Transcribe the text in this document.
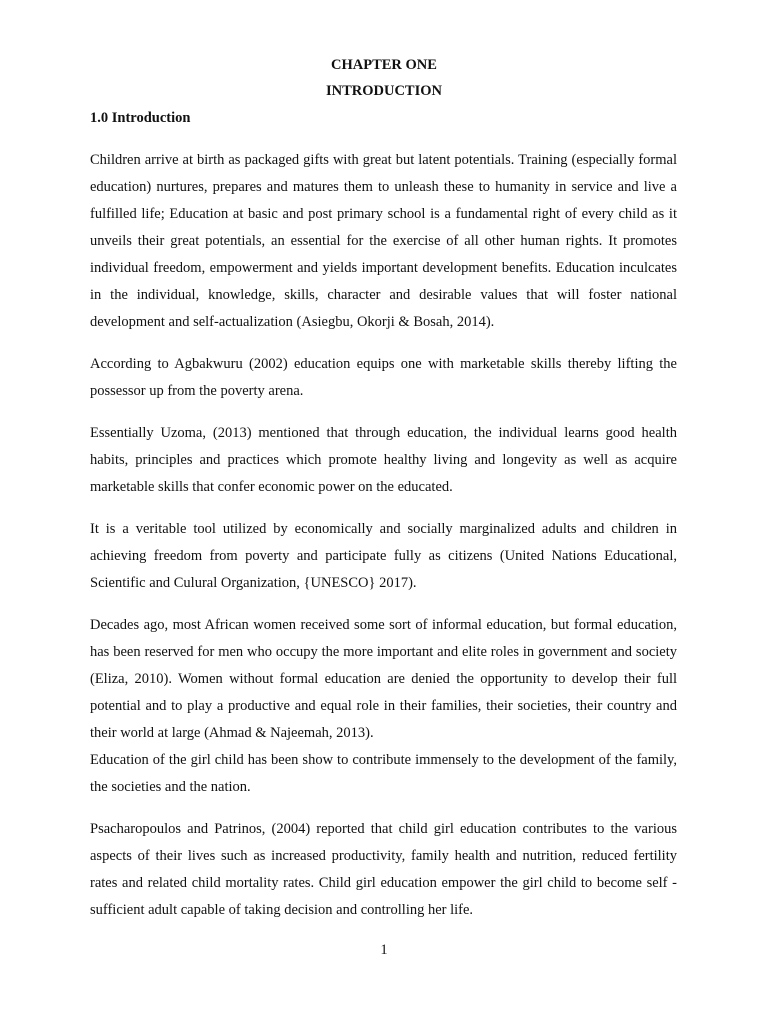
CHAPTER ONE
INTRODUCTION
1.0 Introduction

Children arrive at birth as packaged gifts with great but latent potentials. Training (especially formal education) nurtures, prepares and matures them to unleash these to humanity in service and live a fulfilled life; Education at basic and post primary school is a fundamental right of every child as it unveils their great potentials, an essential for the exercise of all other human rights. It promotes individual freedom, empowerment and yields important development benefits. Education inculcates in the individual, knowledge, skills, character and desirable values that will foster national development and self-actualization (Asiegbu, Okorji & Bosah, 2014).

According to Agbakwuru (2002) education equips one with marketable skills thereby lifting the possessor up from the poverty arena.

Essentially Uzoma, (2013) mentioned that through education, the individual learns good health habits, principles and practices which promote healthy living and longevity as well as acquire marketable skills that confer economic power on the educated.

It is a veritable tool utilized by economically and socially marginalized adults and children in achieving freedom from poverty and participate fully as citizens (United Nations Educational, Scientific and Culural Organization, {UNESCO} 2017).

Decades ago, most African women received some sort of informal education, but formal education, has been reserved for men who occupy the more important and elite roles in government and society (Eliza, 2010). Women without formal education are denied the opportunity to develop their full potential and to play a productive and equal role in their families, their societies, their country and their world at large (Ahmad & Najeemah, 2013).

Education of the girl child has been show to contribute immensely to the development of the family, the societies and the nation.

Psacharopoulos and Patrinos, (2004) reported that child girl education contributes to the various aspects of their lives such as increased productivity, family health and nutrition, reduced fertility rates and related child mortality rates. Child girl education empower the girl child to become self -sufficient adult capable of taking decision and controlling her life.

1
